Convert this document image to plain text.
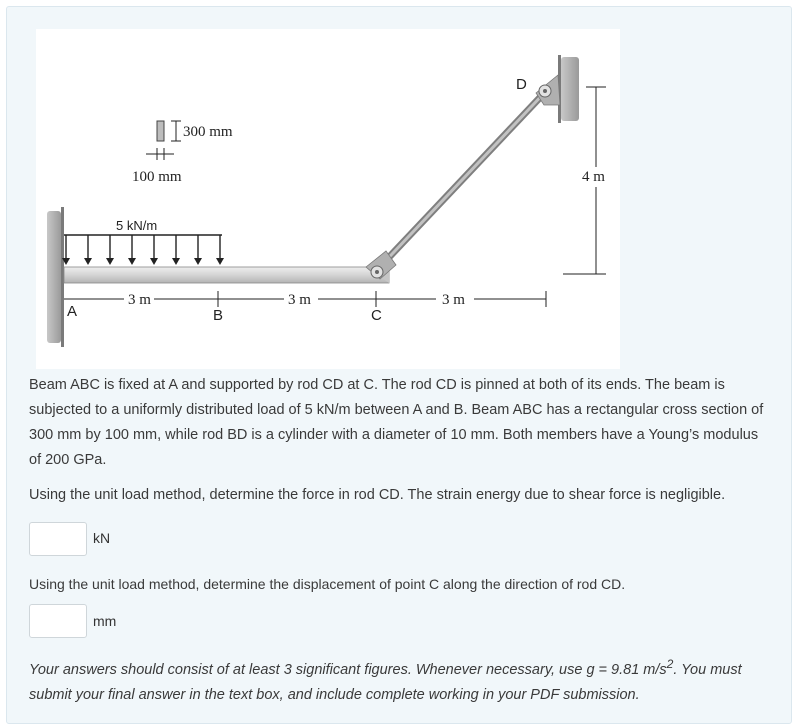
5 kN/m
300 mm
100 mm	4 m
3 m	3 m	3 m
A	B	C
D

Beam ABC is fixed at A and supported by rod CD at C. The rod CD is pinned at both of its ends. The beam is subjected to a uniformly distributed load of 5 kN/m between A and B. Beam ABC has a rectangular cross section of 300 mm by 100 mm, while rod BD is a cylinder with a diameter of 10 mm. Both members have a Young’s modulus of 200 GPa.

Using the unit load method, determine the force in rod CD. The strain energy due to shear force is negligible.

kN

Using the unit load method, determine the displacement of point C along the direction of rod CD.

mm

Your answers should consist of at least 3 significant figures. Whenever necessary, use g = 9.81 $m/s^2$. You must submit your final answer in the text box, and include complete working in your PDF submission.
